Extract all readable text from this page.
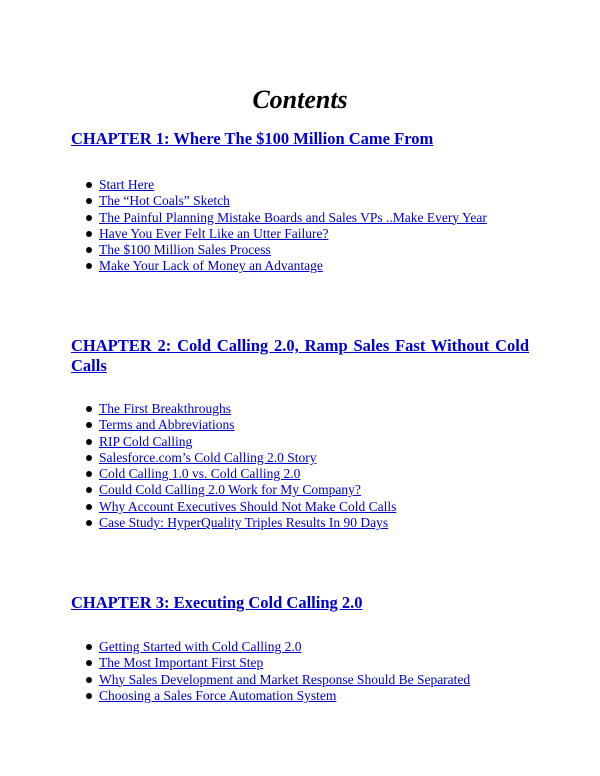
Contents
CHAPTER 1: Where The $100 Million Came From
Start Here
The “Hot Coals” Sketch
The Painful Planning Mistake Boards and Sales VPs ..Make Every Year
Have You Ever Felt Like an Utter Failure?
The $100 Million Sales Process
Make Your Lack of Money an Advantage
CHAPTER 2: Cold Calling 2.0, Ramp Sales Fast Without Cold Calls
The First Breakthroughs
Terms and Abbreviations
RIP Cold Calling
Salesforce.com’s Cold Calling 2.0 Story
Cold Calling 1.0 vs. Cold Calling 2.0
Could Cold Calling 2.0 Work for My Company?
Why Account Executives Should Not Make Cold Calls
Case Study: HyperQuality Triples Results In 90 Days
CHAPTER 3: Executing Cold Calling 2.0
Getting Started with Cold Calling 2.0
The Most Important First Step
Why Sales Development and Market Response Should Be Separated
Choosing a Sales Force Automation System
